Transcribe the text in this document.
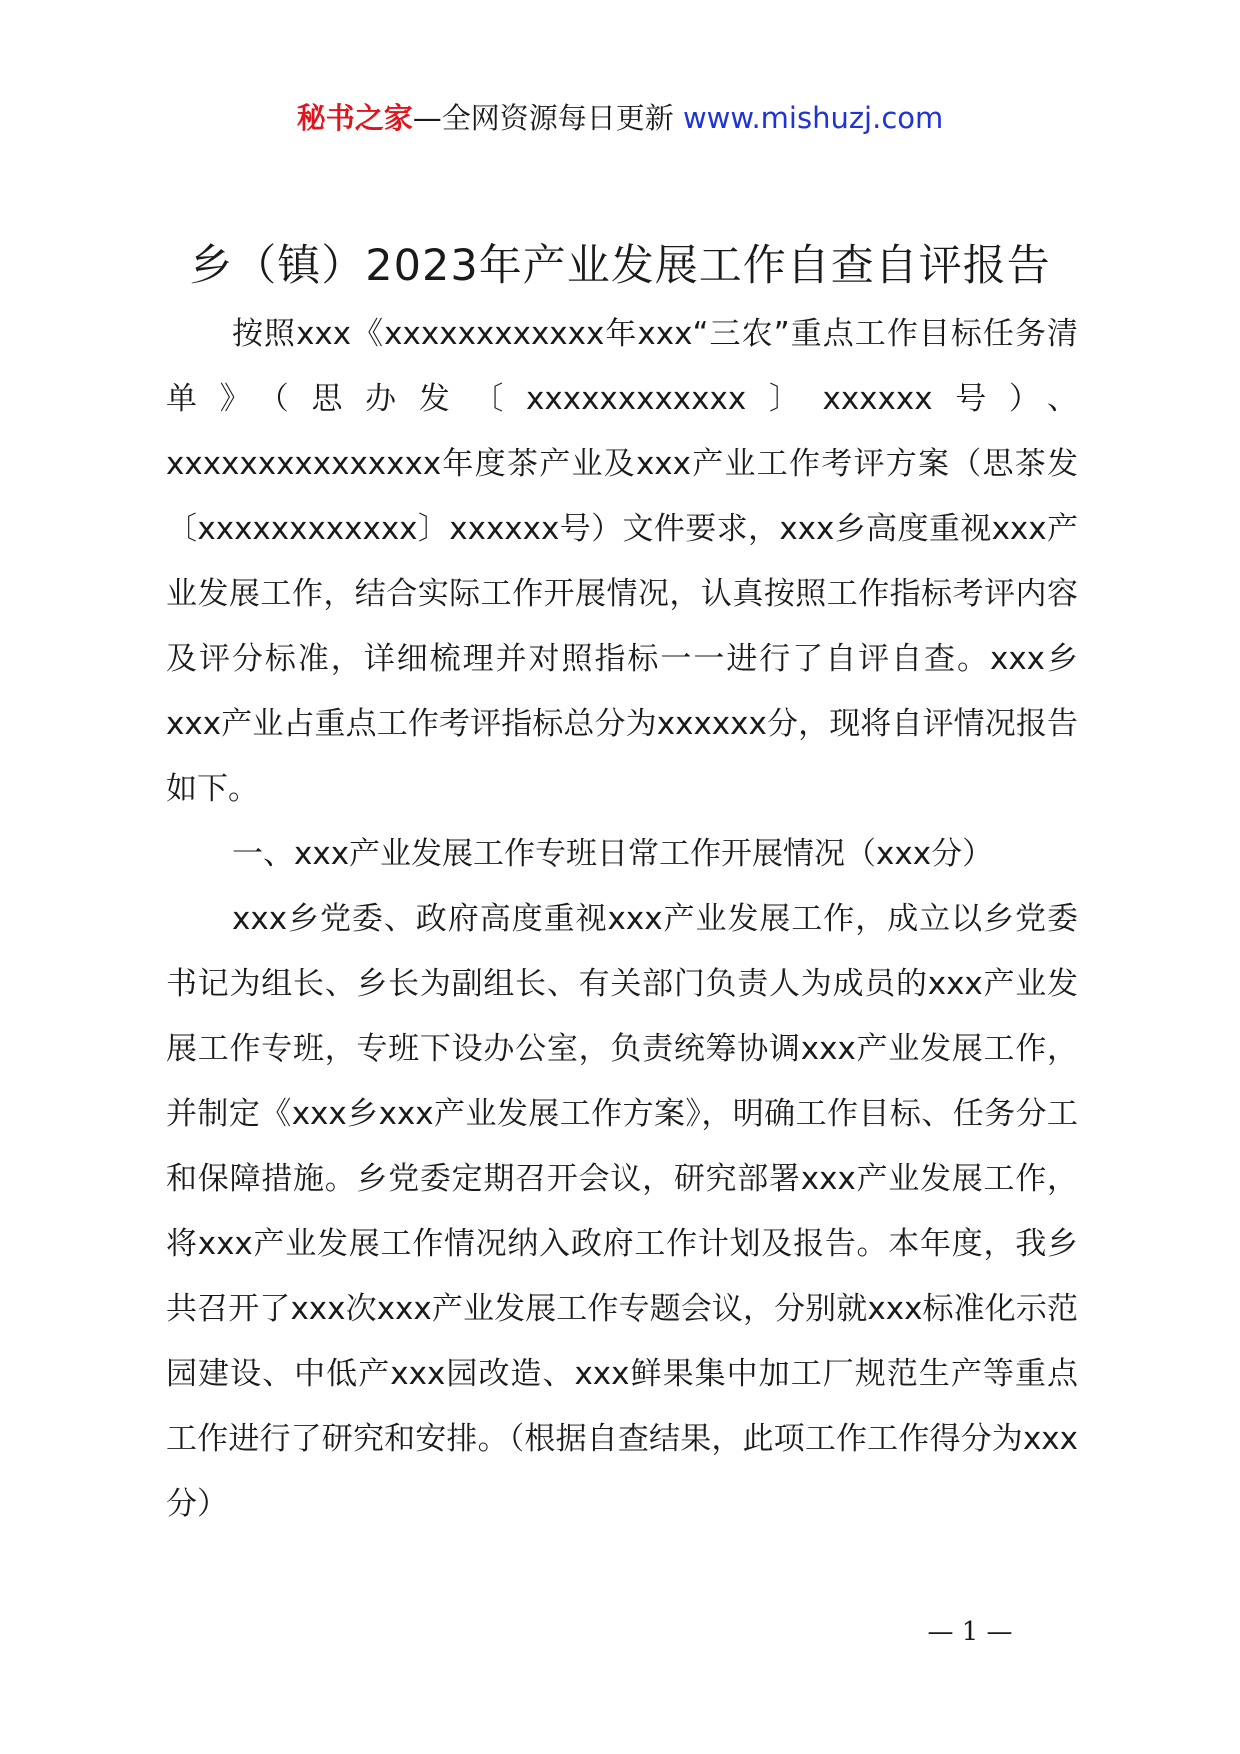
秘书之家—全网资源每日更新 www.mishuzj.com
乡（镇）2023年产业发展工作自查自评报告

按照xxx《xxxxxxxxxxxx年xxx“三农”重点工作目标任务清单》（思办发〔xxxxxxxxxxxx〕xxxxxx号）、xxxxxxxxxxxxxxx年度茶产业及xxx产业工作考评方案（思茶发〔xxxxxxxxxxxx〕xxxxxx号）文件要求，xxx乡高度重视xxx产业发展工作，结合实际工作开展情况，认真按照工作指标考评内容及评分标准，详细梳理并对照指标一一进行了自评自查。xxx乡xxx产业占重点工作考评指标总分为xxxxxx分，现将自评情况报告如下。

一、xxx产业发展工作专班日常工作开展情况（xxx分）

xxx乡党委、政府高度重视xxx产业发展工作，成立以乡党委书记为组长、乡长为副组长、有关部门负责人为成员的xxx产业发展工作专班，专班下设办公室，负责统筹协调xxx产业发展工作，并制定《xxx乡xxx产业发展工作方案》，明确工作目标、任务分工和保障措施。乡党委定期召开会议，研究部署xxx产业发展工作，将xxx产业发展工作情况纳入政府工作计划及报告。本年度，我乡共召开了xxx次xxx产业发展工作专题会议，分别就xxx标准化示范园建设、中低产xxx园改造、xxx鲜果集中加工厂规范生产等重点工作进行了研究和安排。（根据自查结果，此项工作工作得分为xxx分）

— 1 —
